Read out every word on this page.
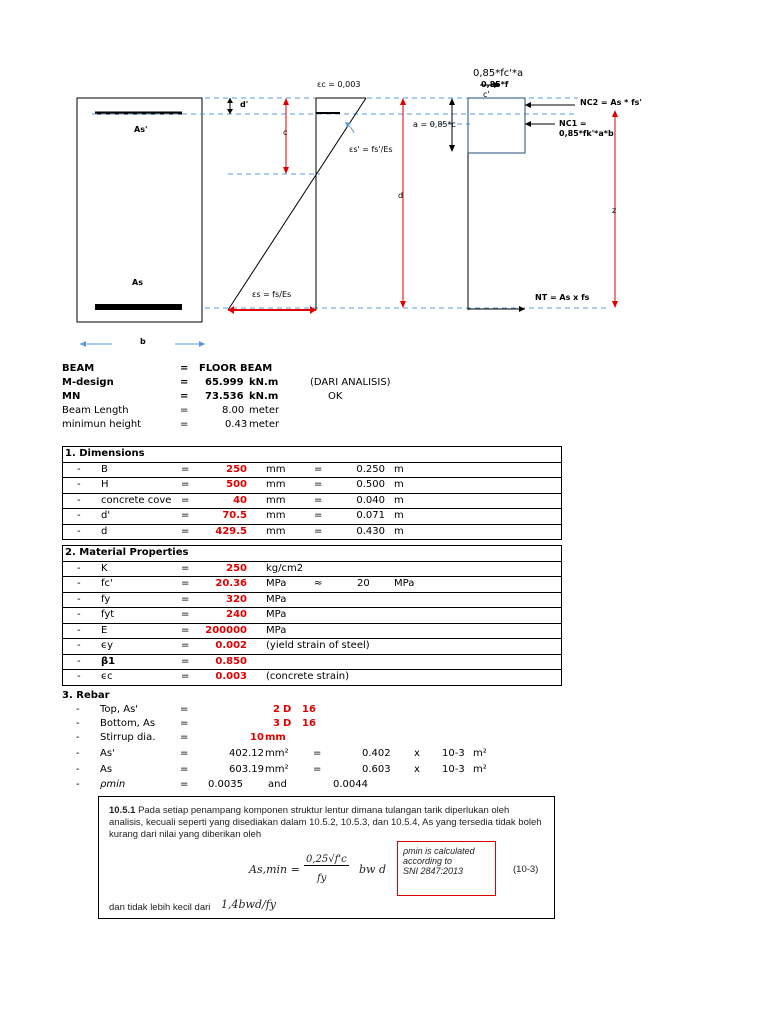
d'
As'
As
b
c
εc = 0,003
εs' = fs'/Es
εs = fs/Es
d
a = 0,85*c
0,85*fc'*a
0,85*f
c'
NC2 = As * fs'
NC1 =
0,85*fk'*a*b
z
NT = As x fs
BEAM	= FLOOR BEAM
M-design	= 65.999 kN.m	(DARI ANALISIS)
MN	= 73.536 kN.m	OK
Beam Length	=	8.00 meter
minimun height	=	0.43 meter
1. Dimensions
- B	=	250 mm	=	0.250 m
- H	=	500 mm	=	0.500 m
- concrete cove =	40 mm	=	0.040 m
- d'	=	70.5 mm	=	0.071 m
- d	=	429.5 mm	=	0.430 m
2. Material Properties
- K	=	250 kg/cm2
- fc'	=	20.36 MPa	≈	20 MPa
- fy	=	320 MPa
- fyt	=	240 MPa
- E	= 200000 MPa
- ϵy	=	0.002 (yield strain of steel)
- β1	=	0.850
- ϵc	=	0.003 (concrete strain)
3. Rebar
- Top, As'	=	2 D 16
- Bottom, As =	3 D 16
- Stirrup dia. =	10 mm
- As'	=	402.12 mm² =	0.402 x 10-3 m²
- As	=	603.19 mm² =	0.603 x 10-3 m²
- ρmin	= 0.0035	and	0.0044
10.5.1 Pada setiap penampang komponen struktur lentur dimana tulangan tarik diperlukan oleh analisis, kecuali seperti yang disediakan dalam 10.5.2, 10.5.3, dan 10.5.4, As yang tersedia tidak boleh kurang dari nilai yang diberikan oleh
As,min =
0,25√f'c
fy
bw d	(10-3)
dan tidak lebih kecil dari 1,4bwd/fy
ρmin is calculated
according to
SNI 2847:2013
